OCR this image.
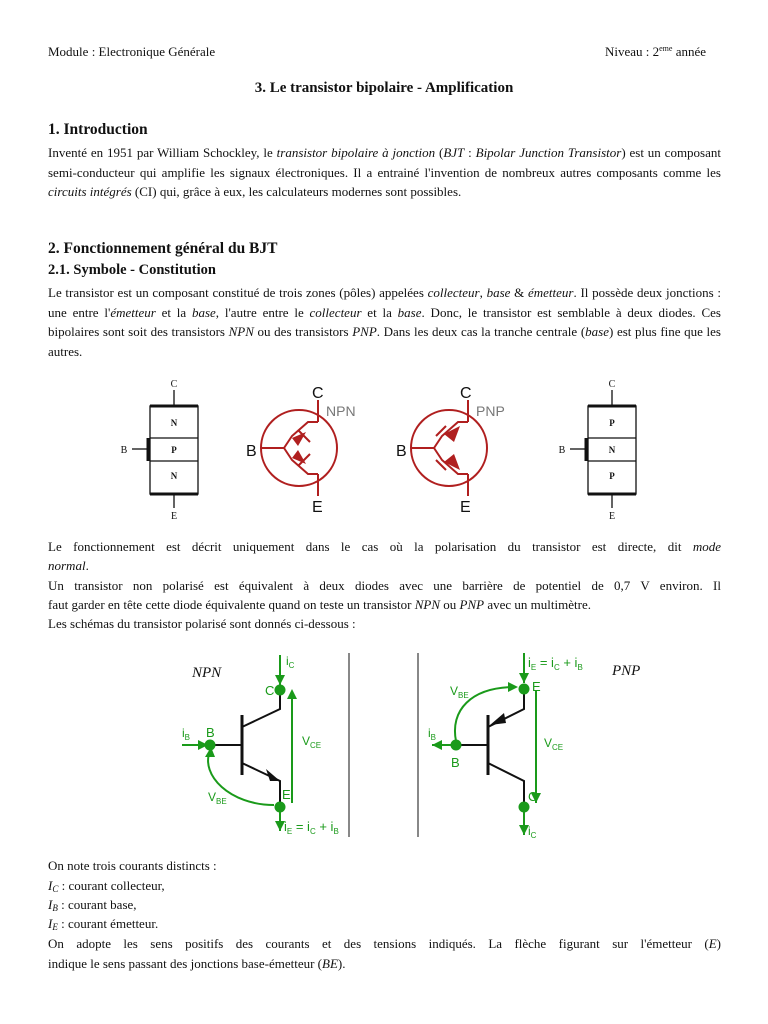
Module : Electronique Générale	Niveau : 2eme année
3. Le transistor bipolaire - Amplification
1. Introduction

Inventé en 1951 par William Schockley, le transistor bipolaire à jonction (BJT : Bipolar Junction Transistor) est un composant semi-conducteur qui amplifie les signaux électroniques. Il a entrainé l'invention de nombreux autres composants comme les circuits intégrés (CI) qui, grâce à eux, les calculateurs modernes sont possibles.

2. Fonctionnement général du BJT
2.1. Symbole - Constitution

Le transistor est un composant constitué de trois zones (pôles) appelées collecteur, base & émetteur. Il possède deux jonctions : une entre l'émetteur et la base, l'autre entre le collecteur et la base. Donc, le transistor est semblable à deux diodes. Ces bipolaires sont soit des transistors NPN ou des transistors PNP. Dans les deux cas la tranche centrale (base) est plus fine que les autres.

C
B
E
N
P
N
C
B
E
NPN
C
B
E
PNP
C
B
E
P
N
P
Le fonctionnement est décrit uniquement dans le cas où la polarisation du transistor est directe, dit mode
normal.
Un transistor non polarisé est équivalent à deux diodes avec une barrière de potentiel de 0,7 V environ. Il
faut garder en tête cette diode équivalente quand on teste un transistor NPN ou PNP avec un multimètre.
Les schémas du transistor polarisé sont donnés ci-dessous :
NPN
C
B
E
$i_C$
$i_B$	$V_{CE}$
$V_{BE}$
$i_E = i_C + i_B$
PNP
E
B
C
$i_E = i_C + i_B$
$i_B$	$V_{CE}$
$V_{BE}$
$i_C$
On note trois courants distincts :
$I_C$ : courant collecteur,
$I_B$ : courant base,
$I_E$ : courant émetteur.
On adopte les sens positifs des courants et des tensions indiqués. La flèche figurant sur l'émetteur (E)
indique le sens passant des jonctions base-émetteur (BE).
